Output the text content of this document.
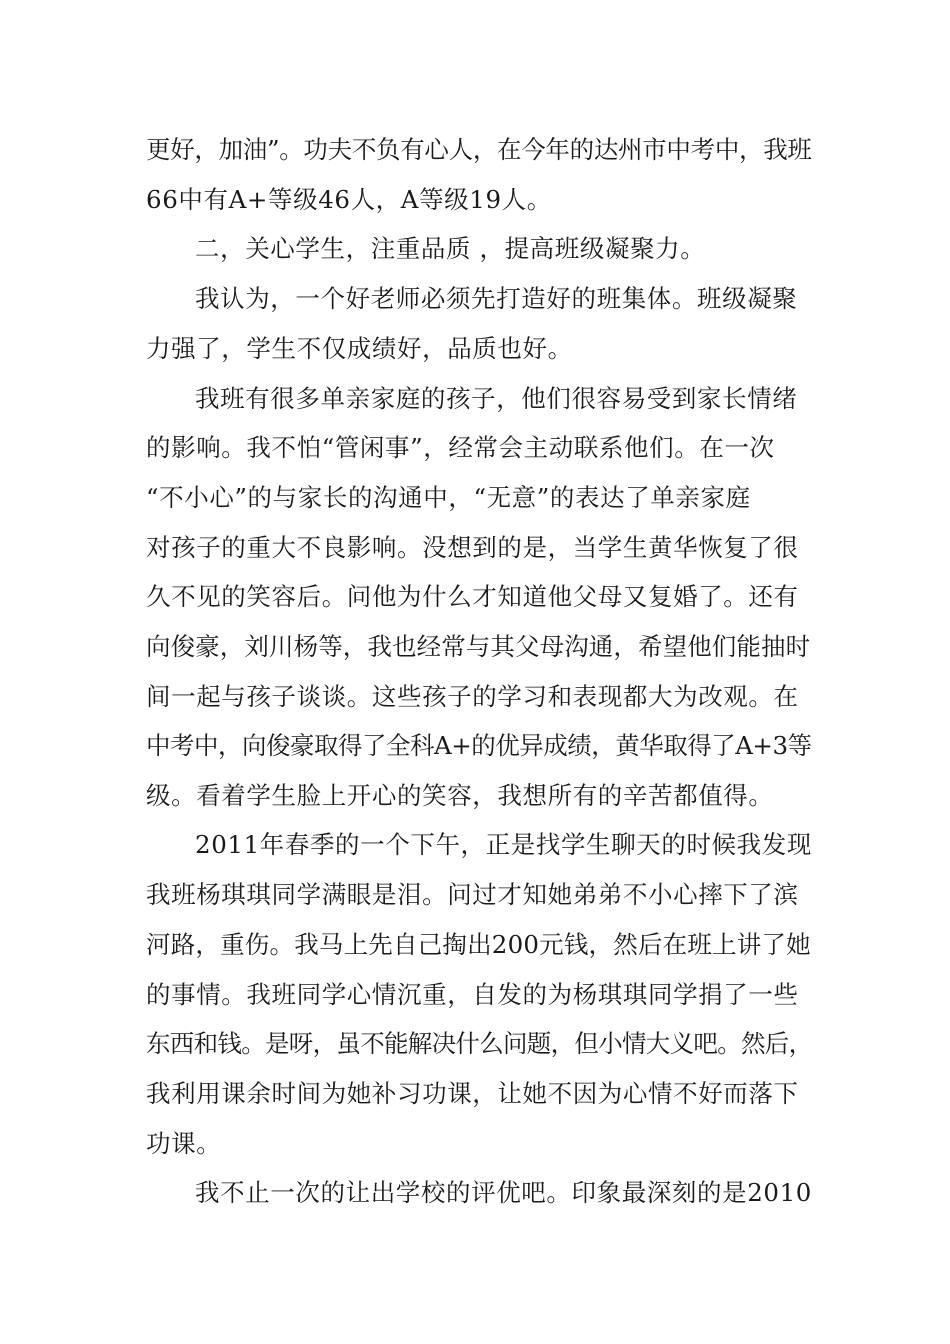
更好，加油”。功夫不负有心人，在今年的达州市中考中，我班
66中有A+等级46人，A等级19人。
二，关心学生，注重品质 ，提高班级凝聚力。
我认为，一个好老师必须先打造好的班集体。班级凝聚
力强了，学生不仅成绩好，品质也好。
我班有很多单亲家庭的孩子，他们很容易受到家长情绪
的影响。我不怕“管闲事”，经常会主动联系他们。在一次
“不小心”的与家长的沟通中，“无意”的表达了单亲家庭
对孩子的重大不良影响。没想到的是，当学生黄华恢复了很
久不见的笑容后。问他为什么才知道他父母又复婚了。还有
向俊豪，刘川杨等，我也经常与其父母沟通，希望他们能抽时
间一起与孩子谈谈。这些孩子的学习和表现都大为改观。在
中考中，向俊豪取得了全科A+的优异成绩，黄华取得了A+3等
级。看着学生脸上开心的笑容，我想所有的辛苦都值得。
2011年春季的一个下午，正是找学生聊天的时候我发现
我班杨琪琪同学满眼是泪。问过才知她弟弟不小心摔下了滨
河路，重伤。我马上先自己掏出200元钱，然后在班上讲了她
的事情。我班同学心情沉重，自发的为杨琪琪同学捐了一些
东西和钱。是呀，虽不能解决什么问题，但小情大义吧。然后，
我利用课余时间为她补习功课，让她不因为心情不好而落下
功课。
我不止一次的让出学校的评优吧。印象最深刻的是2010
